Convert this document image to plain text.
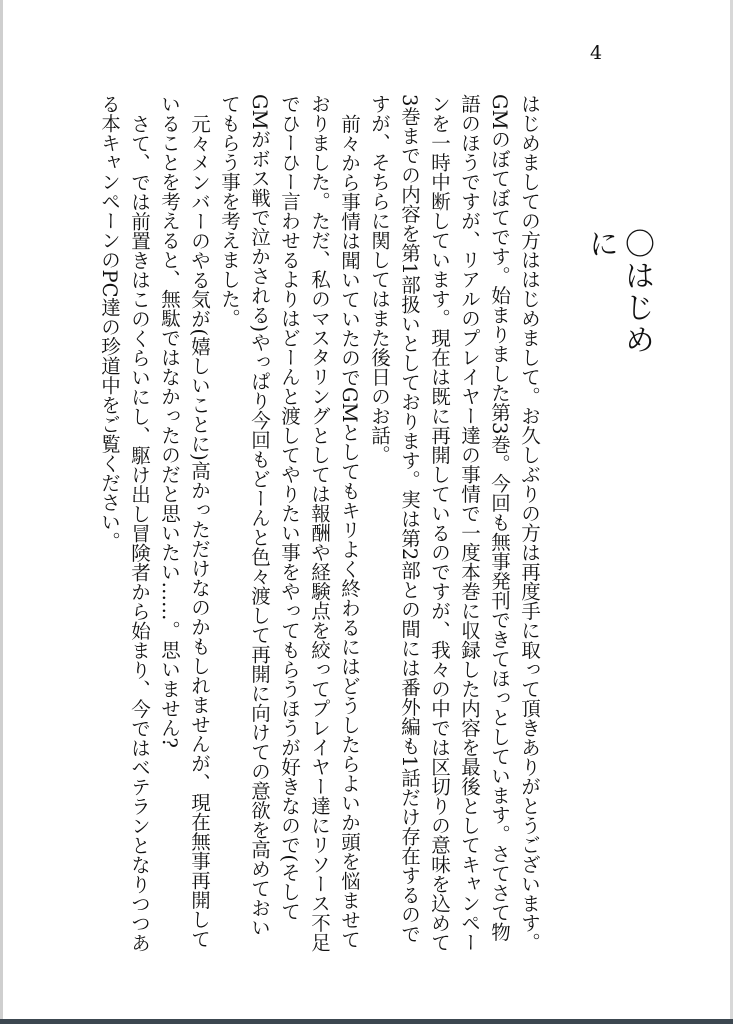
4
〇はじめに

はじめましての方ははじめまして。お久しぶりの方は再度手に取って頂きありがとうございます。GMのぼてぼてです。始まりました第3巻。今回も無事発刊できてほっとしています。さてさて物語のほうですが、リアルのプレイヤー達の事情で一度本巻に収録した内容を最後としてキャンペーンを一時中断しています。現在は既に再開しているのですが、我々の中では区切りの意味を込めて3巻までの内容を第1部扱いとしております。実は第2部との間には番外編も1話だけ存在するのですが、そちらに関してはまた後日のお話。

前々から事情は聞いていたのでGMとしてもキリよく終わるにはどうしたらよいか頭を悩ませておりました。ただ、私のマスタリングとしては報酬や経験点を絞ってプレイヤー達にリソース不足でひーひー言わせるよりはどーんと渡してやりたい事をやってもらうほうが好きなので(そしてGMがボス戦で泣かされる)やっぱり今回もどーんと色々渡して再開に向けての意欲を高めておいてもらう事を考えました。

元々メンバーのやる気が(嬉しいことに)高かっただけなのかもしれませんが、現在無事再開していることを考えると、無駄ではなかったのだと思いたい……。思いません?

さて、では前置きはこのくらいにし、駆け出し冒険者から始まり、今ではベテランとなりつつある本キャンペーンのPC達の珍道中をご覧ください。
